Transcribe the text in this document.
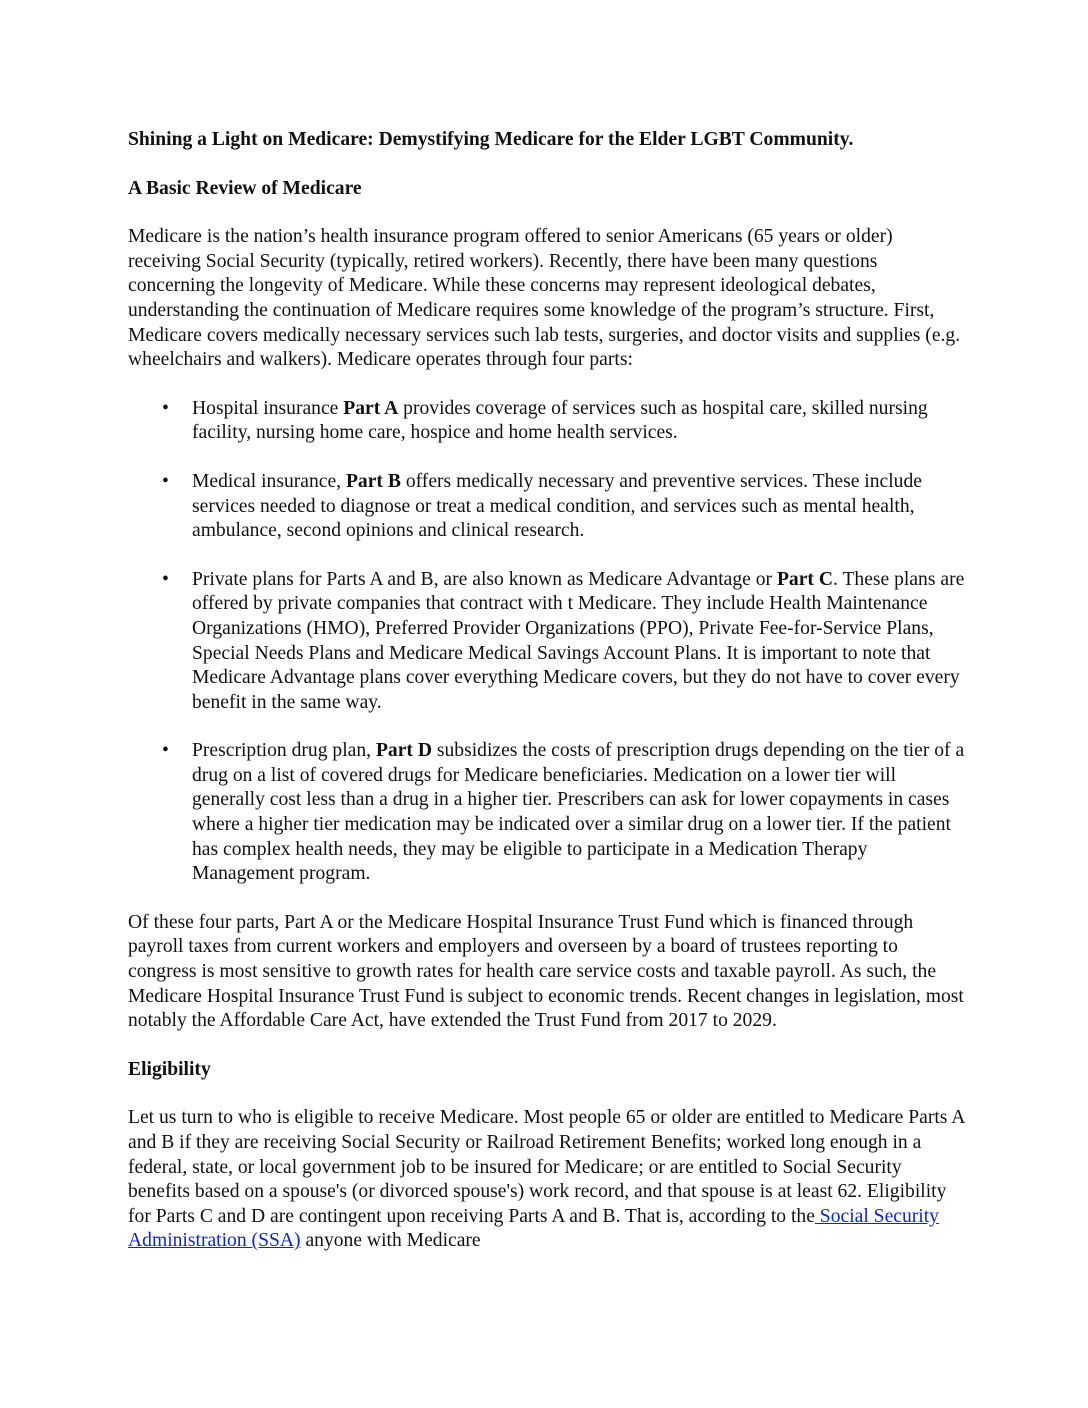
Shining a Light on Medicare: Demystifying Medicare for the Elder LGBT Community.
A Basic Review of Medicare

Medicare is the nation’s health insurance program offered to senior Americans (65 years or older) receiving Social Security (typically, retired workers). Recently, there have been many questions concerning the longevity of Medicare. While these concerns may represent ideological debates, understanding the continuation of Medicare requires some knowledge of the program’s structure. First, Medicare covers medically necessary services such lab tests, surgeries, and doctor visits and supplies (e.g. wheelchairs and walkers). Medicare operates through four parts:

• Hospital insurance Part A provides coverage of services such as hospital care, skilled nursing facility, nursing home care, hospice and home health services.
• Medical insurance, Part B offers medically necessary and preventive services. These include services needed to diagnose or treat a medical condition, and services such as mental health, ambulance, second opinions and clinical research.
• Private plans for Parts A and B, are also known as Medicare Advantage or Part C. These plans are offered by private companies that contract with t Medicare. They include Health Maintenance Organizations (HMO), Preferred Provider Organizations (PPO), Private Fee-for-Service Plans, Special Needs Plans and Medicare Medical Savings Account Plans. It is important to note that Medicare Advantage plans cover everything Medicare covers, but they do not have to cover every benefit in the same way.
• Prescription drug plan, Part D subsidizes the costs of prescription drugs depending on the tier of a drug on a list of covered drugs for Medicare beneficiaries. Medication on a lower tier will generally cost less than a drug in a higher tier. Prescribers can ask for lower copayments in cases where a higher tier medication may be indicated over a similar drug on a lower tier. If the patient has complex health needs, they may be eligible to participate in a Medication Therapy Management program.

Of these four parts, Part A or the Medicare Hospital Insurance Trust Fund which is financed through payroll taxes from current workers and employers and overseen by a board of trustees reporting to congress is most sensitive to growth rates for health care service costs and taxable payroll. As such, the Medicare Hospital Insurance Trust Fund is subject to economic trends. Recent changes in legislation, most notably the Affordable Care Act, have extended the Trust Fund from 2017 to 2029.

Eligibility

Let us turn to who is eligible to receive Medicare. Most people 65 or older are entitled to Medicare Parts A and B if they are receiving Social Security or Railroad Retirement Benefits; worked long enough in a federal, state, or local government job to be insured for Medicare; or are entitled to Social Security benefits based on a spouse's (or divorced spouse's) work record, and that spouse is at least 62. Eligibility for Parts C and D are contingent upon receiving Parts A and B. That is, according to the Social Security Administration (SSA) anyone with Medicare
